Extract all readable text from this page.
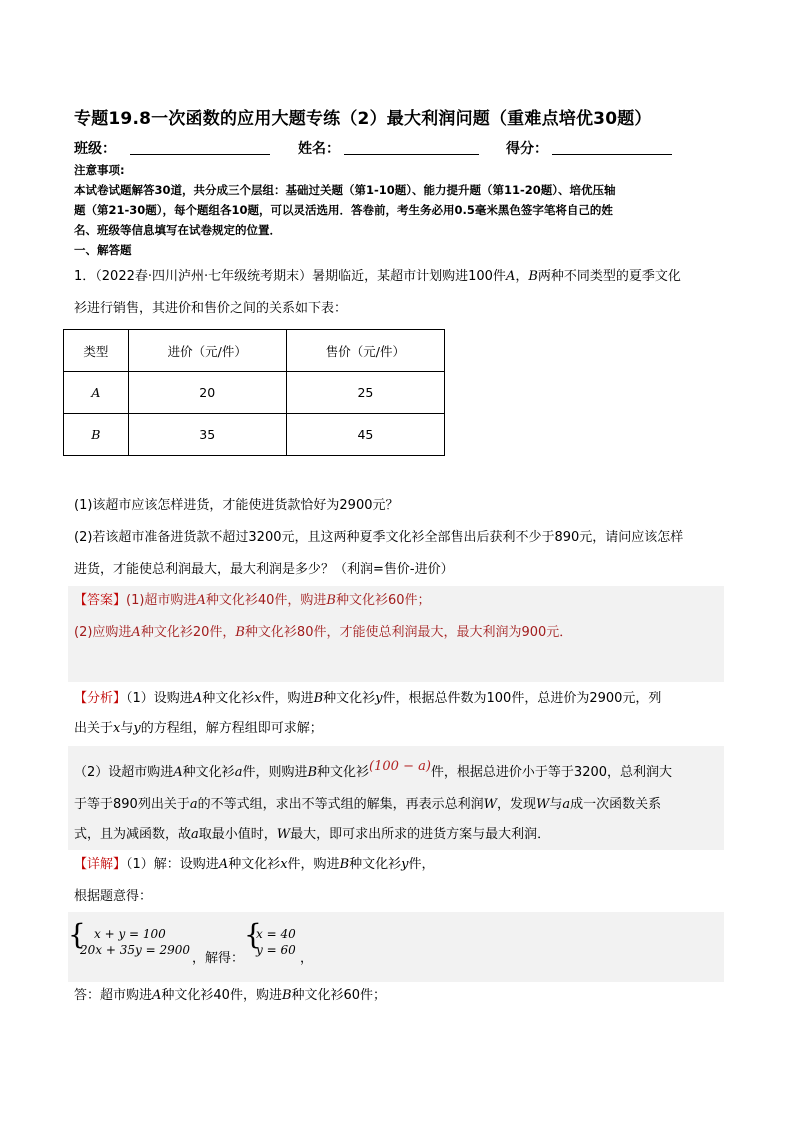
专题19.8一次函数的应用大题专练（2）最大利润问题（重难点培优30题）
班级：	姓名：	得分：
注意事项:
本试卷试题解答30道，共分成三个层组：基础过关题（第1-10题）、能力提升题（第11-20题）、培优压轴
题（第21-30题），每个题组各10题，可以灵活选用．答卷前，考生务必用0.5毫米黑色签字笔将自己的姓
名、班级等信息填写在试卷规定的位置．
一、解答题
1．（2022春·四川泸州·七年级统考期末）暑期临近，某超市计划购进100件A，B两种不同类型的夏季文化
衫进行销售，其进价和售价之间的关系如下表：
类型	进价（元/件）	售价（元/件）
A	20	25
B	35	45
(1)该超市应该怎样进货，才能使进货款恰好为2900元？
(2)若该超市准备进货款不超过3200元，且这两种夏季文化衫全部售出后获利不少于890元，请问应该怎样
进货，才能使总利润最大，最大利润是多少？（利润=售价-进价）
【答案】(1)超市购进A种文化衫40件，购进B种文化衫60件；
(2)应购进A种文化衫20件，B种文化衫80件，才能使总利润最大，最大利润为900元．
【分析】（1）设购进A种文化衫x件，购进B种文化衫y件，根据总件数为100件，总进价为2900元，列
出关于x与y的方程组，解方程组即可求解；
（2）设超市购进A种文化衫a件，则购进B种文化衫(100 − a)件，根据总进价小于等于3200，总利润大
于等于890列出关于a的不等式组，求出不等式组的解集，再表示总利润W，发现W与a成一次函数关系
式，且为减函数，故a取最小值时，W最大，即可求出所求的进货方案与最大利润．
【详解】（1）解：设购进A种文化衫x件，购进B种文化衫y件，
根据题意得：
{ x + y = 100
20x + 35y = 2900
，解得：
{
x = 40
y = 60
，
答：超市购进A种文化衫40件，购进B种文化衫60件；
